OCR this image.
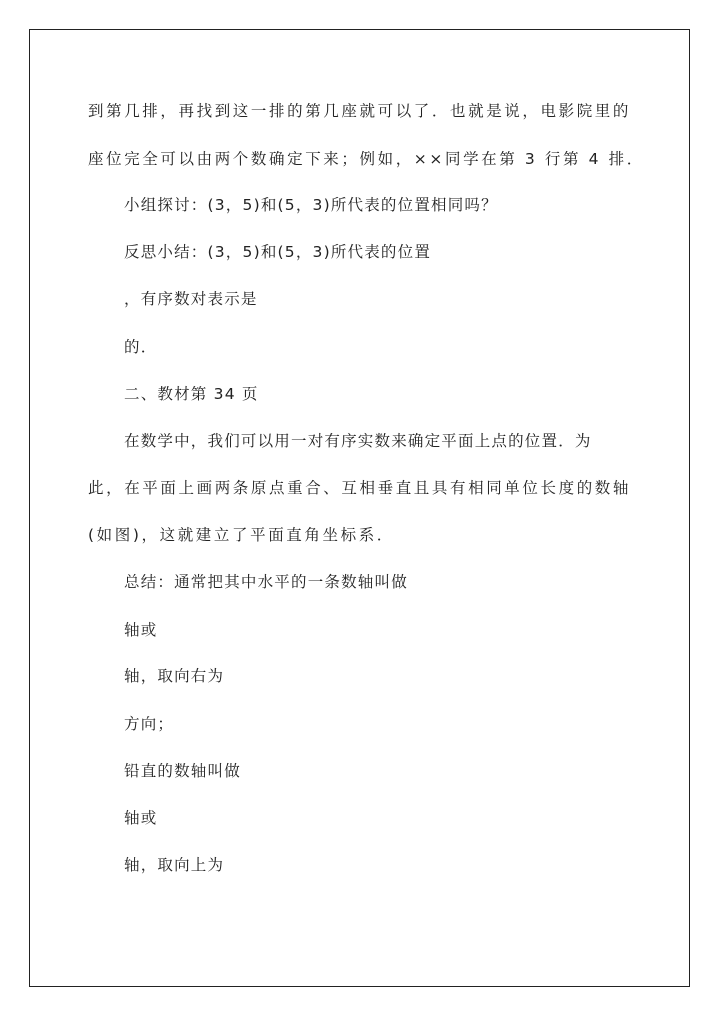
到第几排，再找到这一排的第几座就可以了．也就是说，电影院里的
座位完全可以由两个数确定下来；例如，××同学在第 3 行第 4 排．
小组探讨：(3，5)和(5，3)所代表的位置相同吗？
反思小结：(3，5)和(5，3)所代表的位置
，有序数对表示是
的．
二、教材第 34 页
在数学中，我们可以用一对有序实数来确定平面上点的位置．为
此，在平面上画两条原点重合、互相垂直且具有相同单位长度的数轴
(如图)，这就建立了平面直角坐标系．
总结：通常把其中水平的一条数轴叫做
轴或
轴，取向右为
方向；
铅直的数轴叫做
轴或
轴，取向上为
